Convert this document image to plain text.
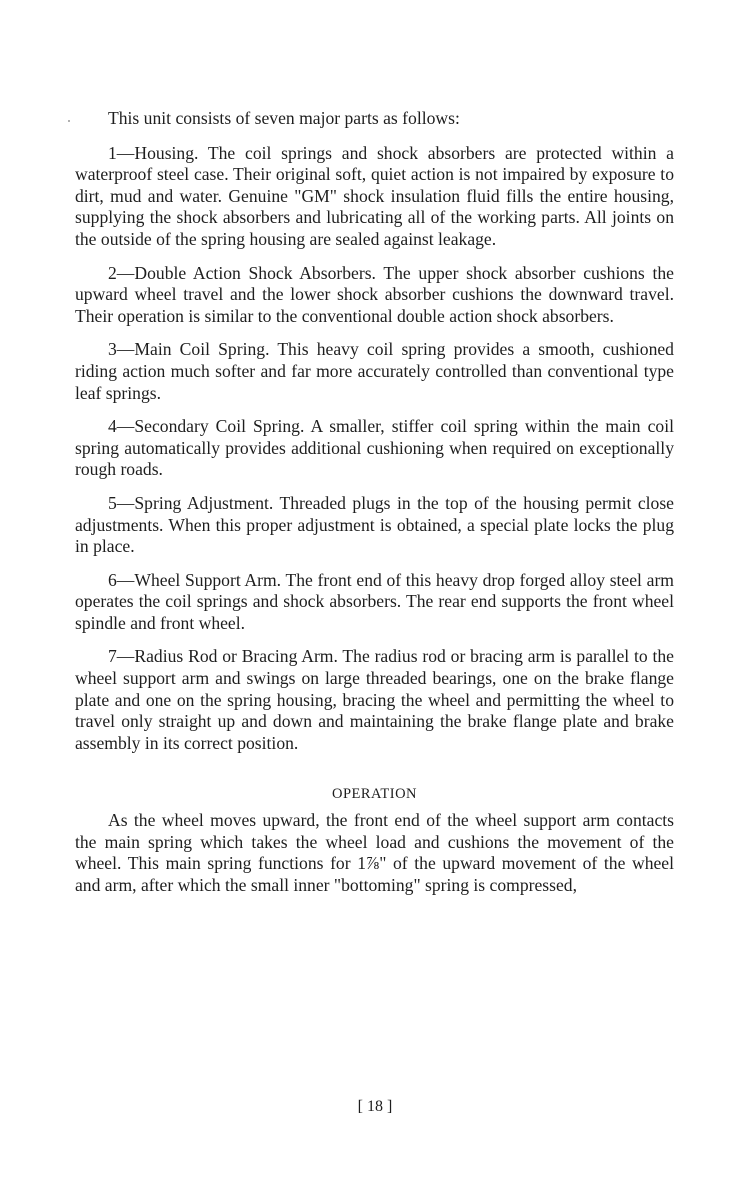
This unit consists of seven major parts as follows:

1—Housing. The coil springs and shock absorbers are protected within a waterproof steel case. Their original soft, quiet action is not impaired by exposure to dirt, mud and water. Genuine "GM" shock insulation fluid fills the entire housing, supplying the shock absorbers and lubricating all of the working parts. All joints on the outside of the spring housing are sealed against leakage.

2—Double Action Shock Absorbers. The upper shock absorber cushions the upward wheel travel and the lower shock absorber cushions the downward travel. Their operation is similar to the conventional double action shock absorbers.

3—Main Coil Spring. This heavy coil spring provides a smooth, cushioned riding action much softer and far more accurately controlled than conventional type leaf springs.

4—Secondary Coil Spring. A smaller, stiffer coil spring within the main coil spring automatically provides additional cushioning when required on exceptionally rough roads.

5—Spring Adjustment. Threaded plugs in the top of the housing permit close adjustments. When this proper adjustment is obtained, a special plate locks the plug in place.

6—Wheel Support Arm. The front end of this heavy drop forged alloy steel arm operates the coil springs and shock absorbers. The rear end supports the front wheel spindle and front wheel.

7—Radius Rod or Bracing Arm. The radius rod or bracing arm is parallel to the wheel support arm and swings on large threaded bearings, one on the brake flange plate and one on the spring housing, bracing the wheel and permitting the wheel to travel only straight up and down and maintaining the brake flange plate and brake assembly in its correct position.

OPERATION

As the wheel moves upward, the front end of the wheel support arm contacts the main spring which takes the wheel load and cushions the movement of the wheel. This main spring functions for 1⅞" of the upward movement of the wheel and arm, after which the small inner "bottoming" spring is compressed,

[ 18 ]
